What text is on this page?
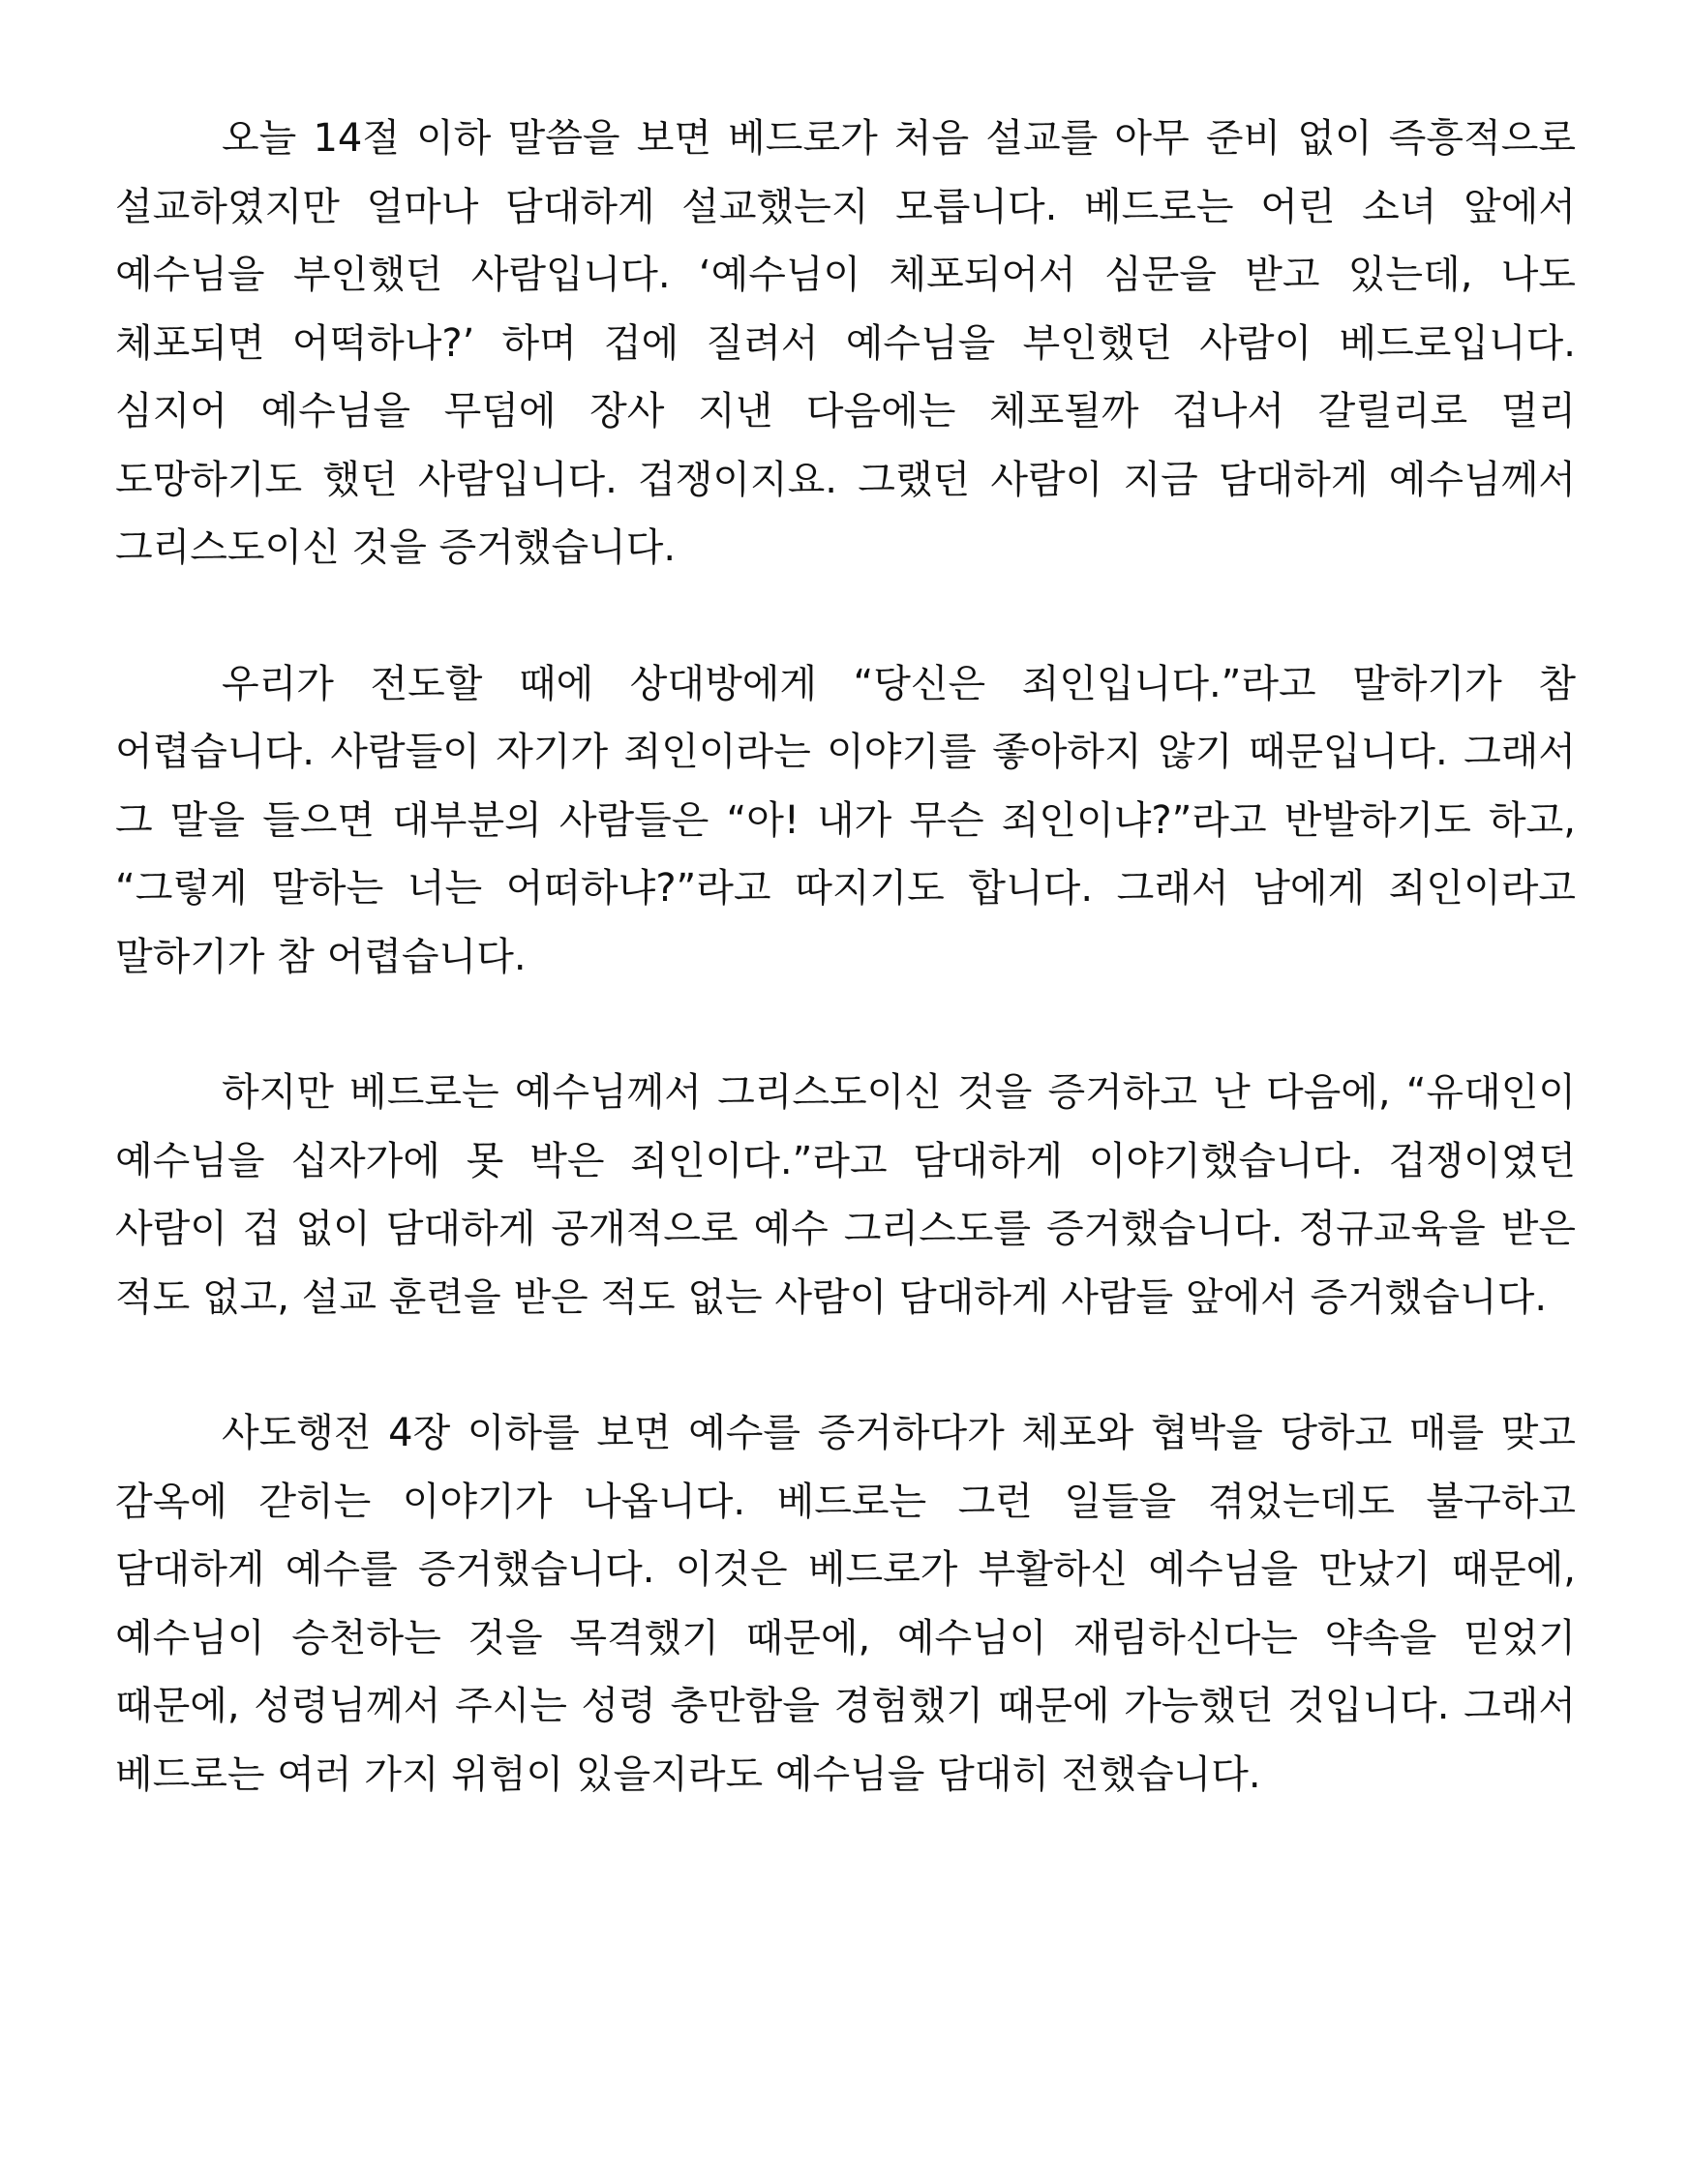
오늘 14절 이하 말씀을 보면 베드로가 처음 설교를 아무 준비 없이 즉흥적으로 설교하였지만 얼마나 담대하게 설교했는지 모릅니다. 베드로는 어린 소녀 앞에서 예수님을 부인했던 사람입니다. ‘예수님이 체포되어서 심문을 받고 있는데, 나도 체포되면 어떡하나?’ 하며 겁에 질려서 예수님을 부인했던 사람이 베드로입니다. 심지어 예수님을 무덤에 장사 지낸 다음에는 체포될까 겁나서 갈릴리로 멀리 도망하기도 했던 사람입니다. 겁쟁이지요. 그랬던 사람이 지금 담대하게 예수님께서 그리스도이신 것을 증거했습니다.

우리가 전도할 때에 상대방에게 “당신은 죄인입니다.”라고 말하기가 참 어렵습니다. 사람들이 자기가 죄인이라는 이야기를 좋아하지 않기 때문입니다. 그래서 그 말을 들으면 대부분의 사람들은 “아! 내가 무슨 죄인이냐?”라고 반발하기도 하고, “그렇게 말하는 너는 어떠하냐?”라고 따지기도 합니다. 그래서 남에게 죄인이라고 말하기가 참 어렵습니다.

하지만 베드로는 예수님께서 그리스도이신 것을 증거하고 난 다음에, “유대인이 예수님을 십자가에 못 박은 죄인이다.”라고 담대하게 이야기했습니다. 겁쟁이였던 사람이 겁 없이 담대하게 공개적으로 예수 그리스도를 증거했습니다. 정규교육을 받은 적도 없고, 설교 훈련을 받은 적도 없는 사람이 담대하게 사람들 앞에서 증거했습니다.

사도행전 4장 이하를 보면 예수를 증거하다가 체포와 협박을 당하고 매를 맞고 감옥에 갇히는 이야기가 나옵니다. 베드로는 그런 일들을 겪었는데도 불구하고 담대하게 예수를 증거했습니다. 이것은 베드로가 부활하신 예수님을 만났기 때문에, 예수님이 승천하는 것을 목격했기 때문에, 예수님이 재림하신다는 약속을 믿었기 때문에, 성령님께서 주시는 성령 충만함을 경험했기 때문에 가능했던 것입니다. 그래서 베드로는 여러 가지 위험이 있을지라도 예수님을 담대히 전했습니다.
